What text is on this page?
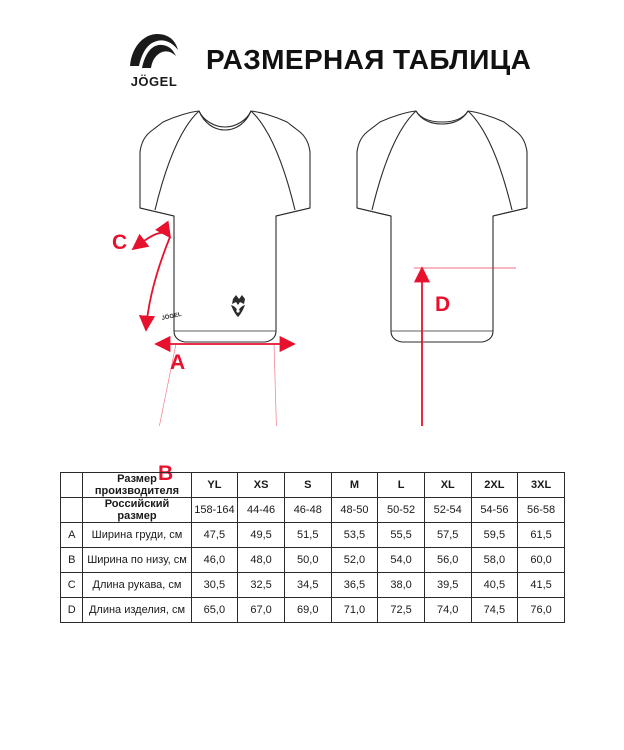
JÖGEL
РАЗМЕРНАЯ ТАБЛИЦА
JÖGEL
A
B
C
D
	Размер производителя	YL	XS	S	M	L	XL	2XL	3XL
	Российский размер	158-164	44-46	46-48	48-50	50-52	52-54	54-56	56-58
A	Ширина груди, см	47,5	49,5	51,5	53,5	55,5	57,5	59,5	61,5
B	Ширина по низу, см	46,0	48,0	50,0	52,0	54,0	56,0	58,0	60,0
C	Длина рукава, см	30,5	32,5	34,5	36,5	38,0	39,5	40,5	41,5
D	Длина изделия, см	65,0	67,0	69,0	71,0	72,5	74,0	74,5	76,0
